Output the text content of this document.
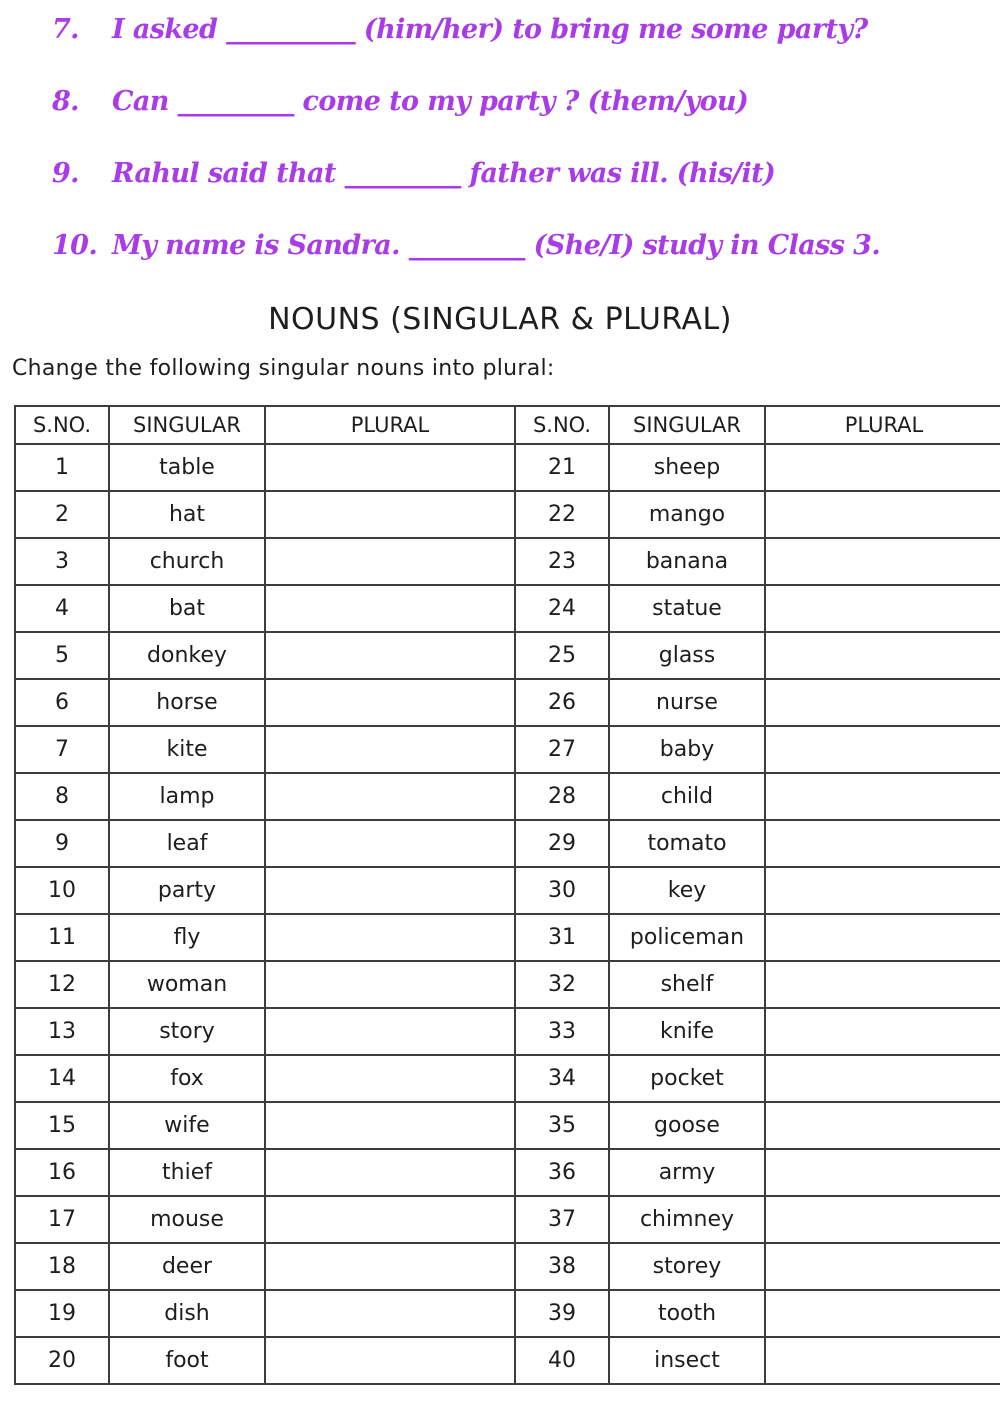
7. I asked __________ (him/her) to bring me some party?
8. Can _________ come to my party ? (them/you)
9. Rahul said that _________ father was ill. (his/it)
10. My name is Sandra. _________ (She/I) study in Class 3.
NOUNS (SINGULAR & PLURAL)
Change the following singular nouns into plural:
S.NO.	SINGULAR	PLURAL	S.NO.	SINGULAR	PLURAL
1	table		21	sheep	
2	hat		22	mango	
3	church		23	banana	
4	bat		24	statue	
5	donkey		25	glass	
6	horse		26	nurse	
7	kite		27	baby	
8	lamp		28	child	
9	leaf		29	tomato	
10	party		30	key	
11	fly		31	policeman	
12	woman		32	shelf	
13	story		33	knife	
14	fox		34	pocket	
15	wife		35	goose	
16	thief		36	army	
17	mouse		37	chimney	
18	deer		38	storey	
19	dish		39	tooth	
20	foot		40	insect	
